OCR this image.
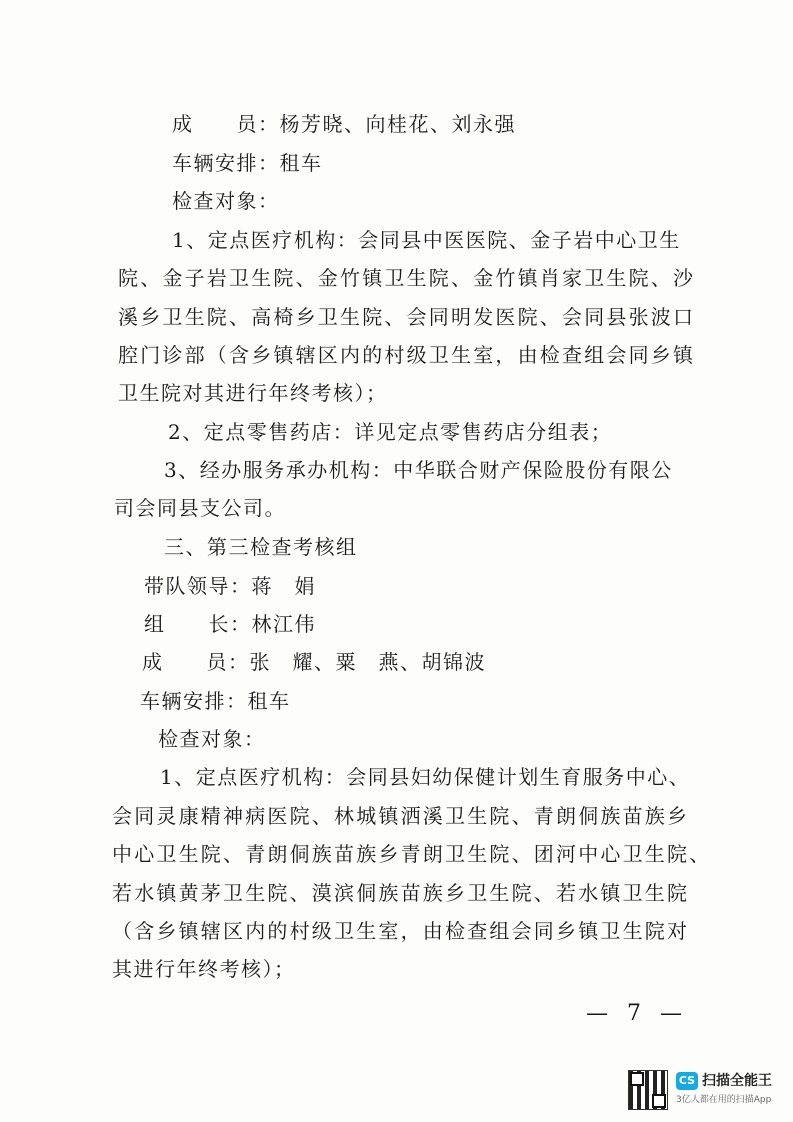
成　　员：杨芳晓、向桂花、刘永强
车辆安排：租车
检查对象：
1、定点医疗机构：会同县中医医院、金子岩中心卫生
院、金子岩卫生院、金竹镇卫生院、金竹镇肖家卫生院、沙
溪乡卫生院、高椅乡卫生院、会同明发医院、会同县张波口
腔门诊部（含乡镇辖区内的村级卫生室，由检查组会同乡镇
卫生院对其进行年终考核）；
2、定点零售药店：详见定点零售药店分组表；
3、经办服务承办机构：中华联合财产保险股份有限公
司会同县支公司。
三、第三检查考核组
带队领导：蒋　娟
组　　长：林江伟
成　　员：张　耀、粟　燕、胡锦波
车辆安排：租车
检查对象：
1、定点医疗机构：会同县妇幼保健计划生育服务中心、
会同灵康精神病医院、林城镇洒溪卫生院、青朗侗族苗族乡
中心卫生院、青朗侗族苗族乡青朗卫生院、团河中心卫生院、
若水镇黄茅卫生院、漠滨侗族苗族乡卫生院、若水镇卫生院
（含乡镇辖区内的村级卫生室，由检查组会同乡镇卫生院对
其进行年终考核）；
— 7 —
CS 扫描全能王
3亿人都在用的扫描App
